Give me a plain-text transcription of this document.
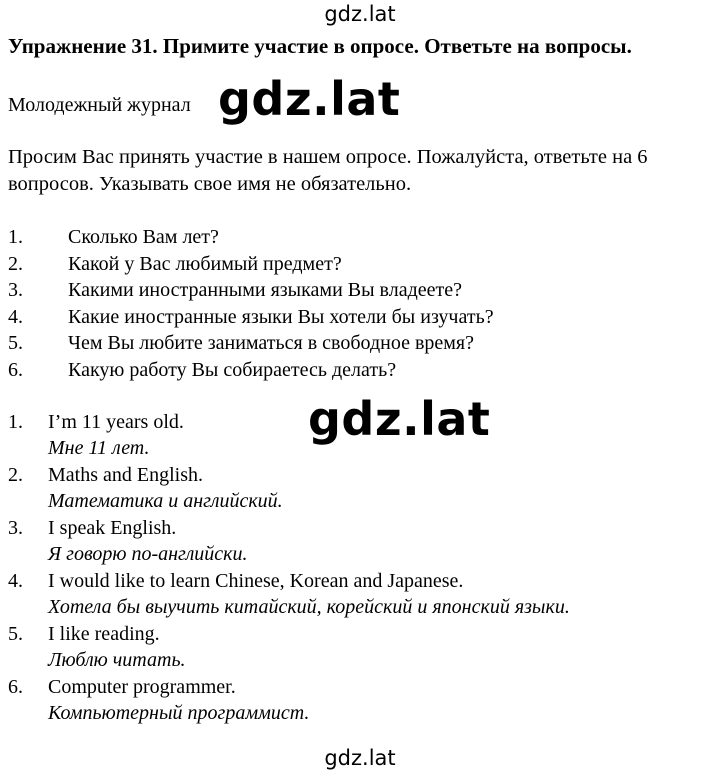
gdz.lat
Упражнение 31. Примите участие в опросе. Ответьте на вопросы.
Молодежный журнал gdz.lat

Просим Вас принять участие в нашем опросе. Пожалуйста, ответьте на 6

вопросов. Указывать свое имя не обязательно.

1. Сколько Вам лет?
2. Какой у Вас любимый предмет?
3. Какими иностранными языками Вы владеете?
4. Какие иностранные языки Вы хотели бы изучать?
5. Чем Вы любите заниматься в свободное время?
6. Какую работу Вы собираетесь делать?
gdz.lat
1. I’m 11 years old.
Мне 11 лет.
2. Maths and English.
Математика и английский.
3. I speak English.
Я говорю по-английски.
4. I would like to learn Chinese, Korean and Japanese.
Хотела бы выучить китайский, корейский и японский языки.
5. I like reading.
Люблю читать.
6. Computer programmer.
Компьютерный программист.
gdz.lat
